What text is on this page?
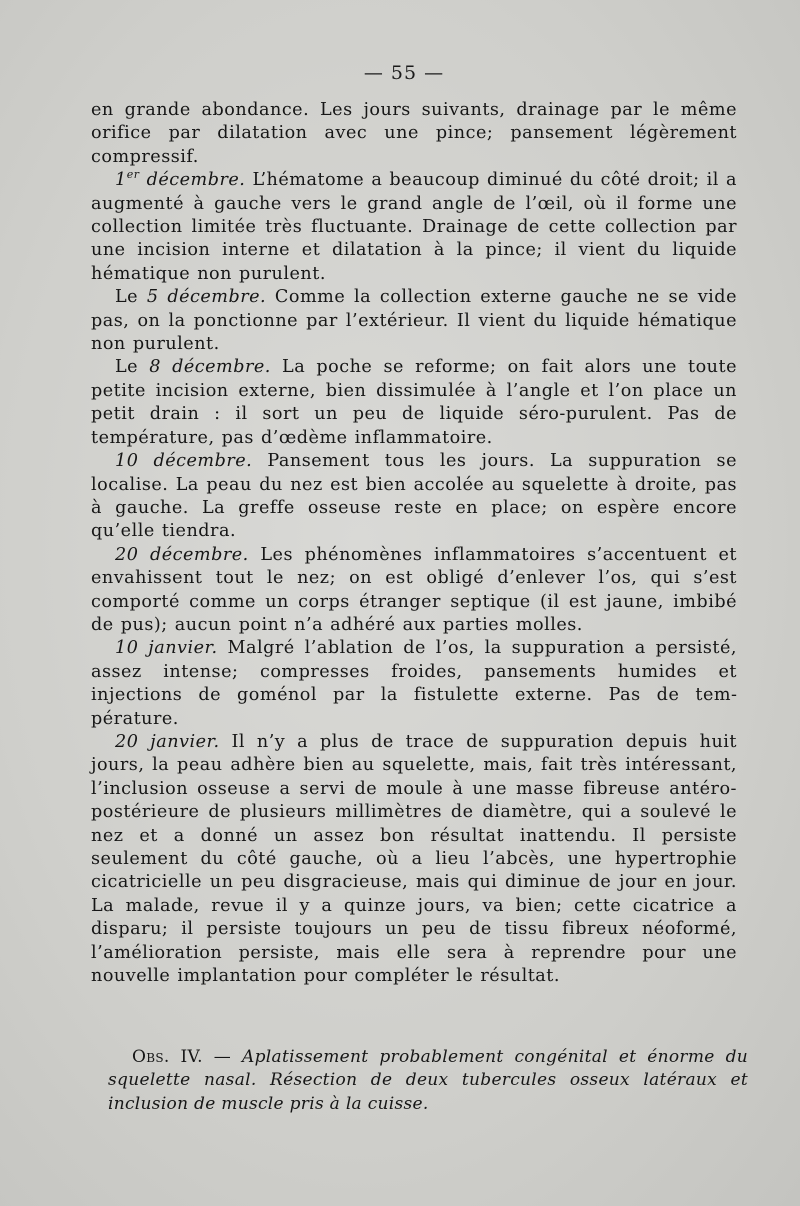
— 55 —

en grande abondance. Les jours suivants, drainage par le même orifice par dilatation avec une pince; pansement légèrement compressif.

1er décembre. L’hématome a beaucoup diminué du côté droit; il a augmenté à gauche vers le grand angle de l’œil, où il forme une collection limitée très fluctuante. Drainage de cette collection par une incision interne et dilatation à la pince; il vient du liquide hématique non purulent.

Le 5 décembre. Comme la collection externe gauche ne se vide pas, on la ponctionne par l’extérieur. Il vient du liquide hématique non purulent.

Le 8 décembre. La poche se reforme; on fait alors une toute petite incision externe, bien dissimulée à l’angle et l’on place un petit drain : il sort un peu de liquide séro-purulent. Pas de température, pas d’œdème inflammatoire.

10 décembre. Pansement tous les jours. La suppuration se localise. La peau du nez est bien accolée au squelette à droite, pas à gauche. La greffe osseuse reste en place; on espère encore qu’elle tiendra.

20 décembre. Les phénomènes inflammatoires s’accentuent et envahissent tout le nez; on est obligé d’enlever l’os, qui s’est comporté comme un corps étranger septique (il est jaune, imbibé de pus); aucun point n’a adhéré aux parties molles.

10 janvier. Malgré l’ablation de l’os, la suppuration a persisté, assez intense; compresses froides, pansements humides et injections de goménol par la fistulette externe. Pas de température.

20 janvier. Il n’y a plus de trace de suppuration depuis huit jours, la peau adhère bien au squelette, mais, fait très intéressant, l’inclusion osseuse a servi de moule à une masse fibreuse antéro-postérieure de plusieurs millimètres de diamètre, qui a soulevé le nez et a donné un assez bon résultat inattendu. Il persiste seulement du côté gauche, où a lieu l’abcès, une hypertrophie cicatricielle un peu disgracieuse, mais qui diminue de jour en jour. La malade, revue il y a quinze jours, va bien; cette cicatrice a disparu; il persiste toujours un peu de tissu fibreux néoformé, l’amélioration persiste, mais elle sera à reprendre pour une nouvelle implantation pour compléter le résultat.

Obs. IV. — Aplatissement probablement congénital et énorme du squelette nasal. Résection de deux tubercules osseux latéraux et inclusion de muscle pris à la cuisse.
